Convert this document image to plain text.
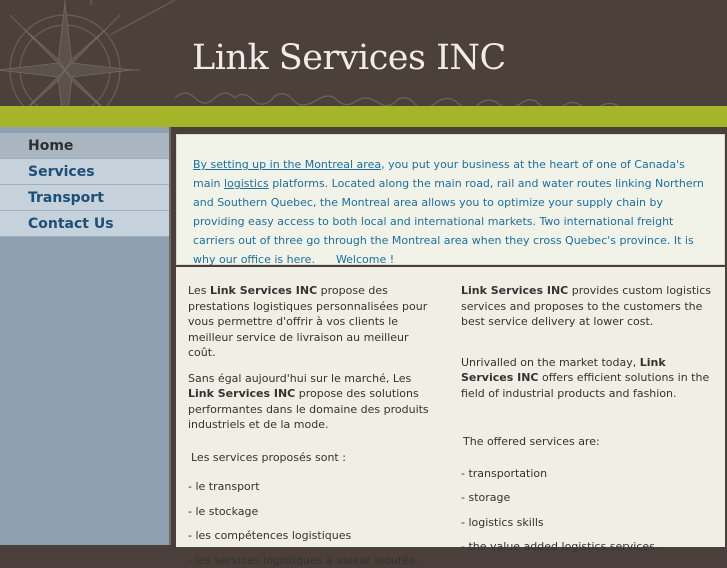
Link Services INC
Home
Services
Transport
Contact Us
By setting up in the Montreal area, you put your business at the heart of one of Canada's main logistics platforms. Located along the main road, rail and water routes linking Northern and Southern Quebec, the Montreal area allows you to optimize your supply chain by providing easy access to both local and international markets. Two international freight carriers out of three go through the Montreal area when they cross Quebec's province. It is why our office is here. Welcome !

Les Link Services INC propose des prestations logistiques personnalisées pour vous permettre d'offrir à vos clients le meilleur service de livraison au meilleur coût.

Sans égal aujourd'hui sur le marché, Les Link Services INC propose des solutions performantes dans le domaine des produits industriels et de la mode.

Les services proposés sont :

- le transport

- le stockage

- les compétences logistiques

- les services logistiques à valeur ajoutée.

Link Services INC provides custom logistics services and proposes to the customers the best service delivery at lower cost.

Unrivalled on the market today, Link Services INC offers efficient solutions in the field of industrial products and fashion.

The offered services are:

- transportation

- storage

- logistics skills

- the value added logistics services.
